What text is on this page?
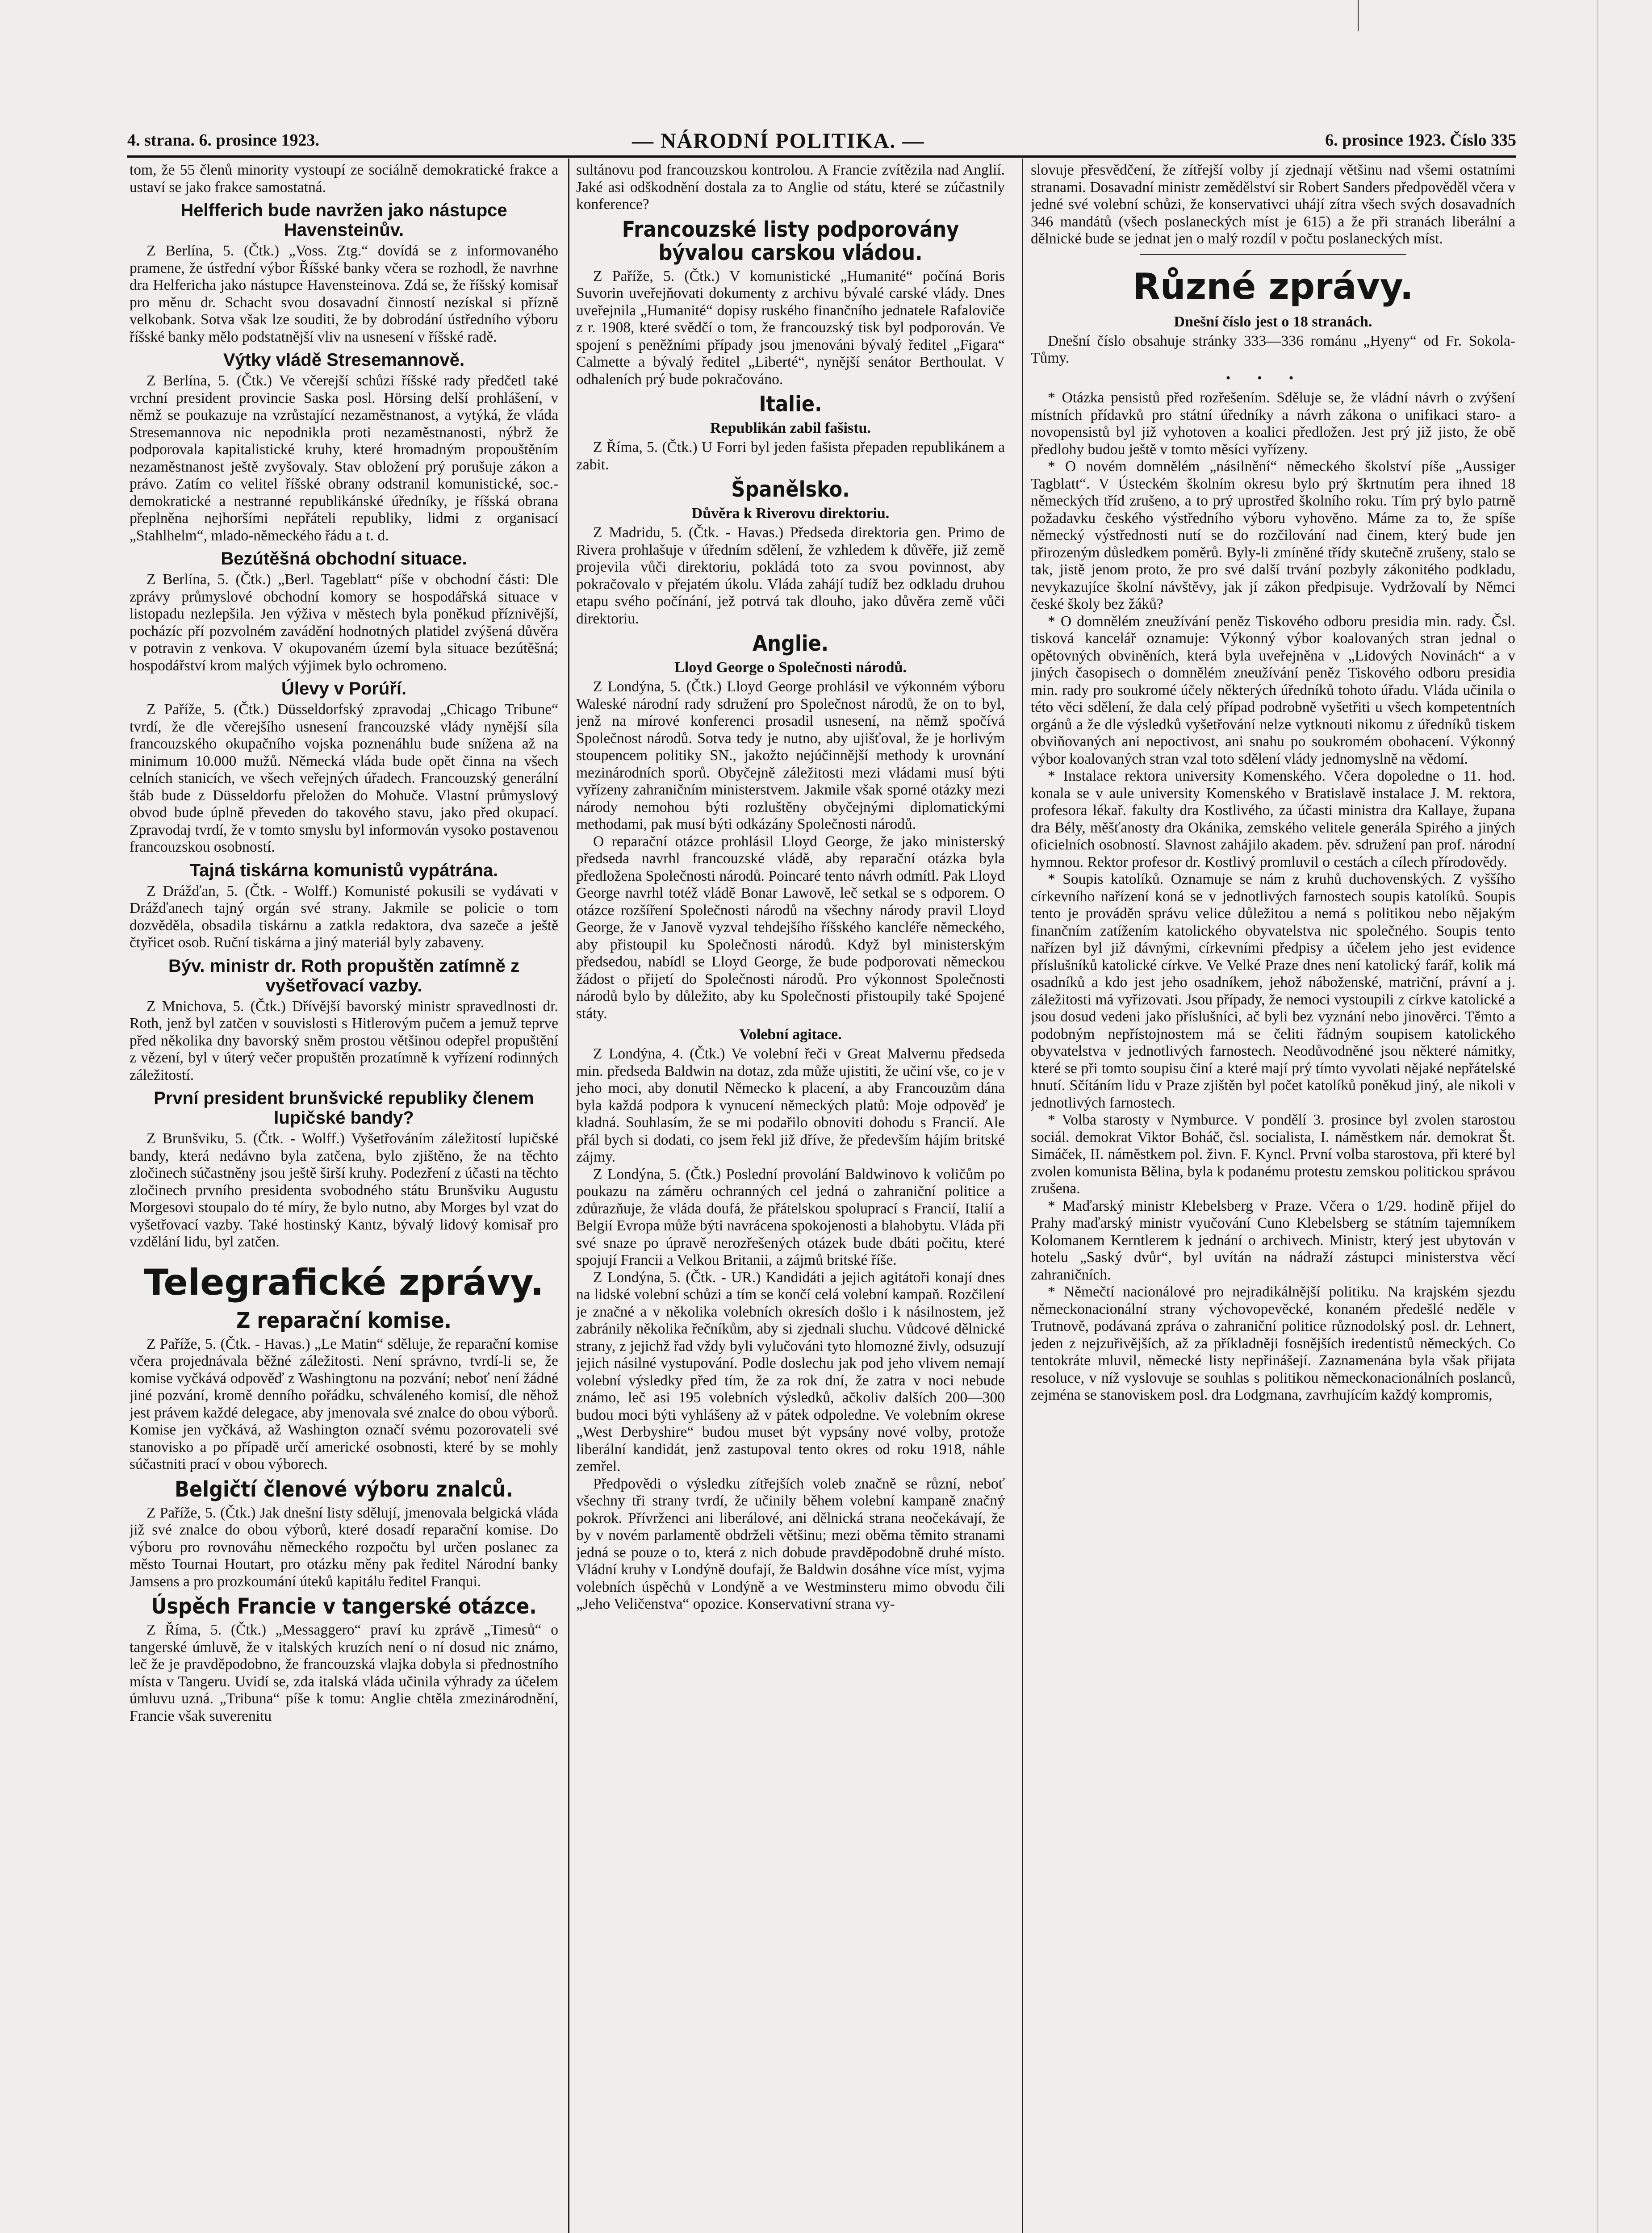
4. strana. 6. prosince 1923.	— NÁRODNÍ POLITIKA. —	6. prosince 1923. Číslo 335

tom, že 55 členů minority vystoupí ze sociálně demokratické frakce a ustaví se jako frakce samostatná.

Helfferich bude navržen jako nástupce Havensteinův.

Z Berlína, 5. (Čtk.) „Voss. Ztg.“ dovídá se z informovaného pramene, že ústřední výbor Říšské banky včera se rozhodl, že navrhne dra Helfericha jako nástupce Havensteinova. Zdá se, že říšský komisař pro měnu dr. Schacht svou dosavadní činností nezískal si přízně velkobank. Sotva však lze souditi, že by dobrodání ústředního výboru říšské banky mělo podstatnější vliv na usnesení v říšské radě.

Výtky vládě Stresemannově.

Z Berlína, 5. (Čtk.) Ve včerejší schůzi říšské rady předčetl také vrchní president provincie Saska posl. Hörsing delší prohlášení, v němž se poukazuje na vzrůstající nezaměstnanost, a vytýká, že vláda Stresemannova nic nepodnikla proti nezaměstnanosti, nýbrž že podporovala kapitalistické kruhy, které hromadným propouštěním nezaměstnanost ještě zvyšovaly. Stav obložení prý porušuje zákon a právo. Zatím co velitel říšské obrany odstranil komunistické, soc.-demokratické a nestranné republikánské úředníky, je říšská obrana přeplněna nejhoršími nepřáteli republiky, lidmi z organisací „Stahlhelm“, mlado-německého řádu a t. d.

Bezútěšná obchodní situace.

Z Berlína, 5. (Čtk.) „Berl. Tageblatt“ píše v obchodní části: Dle zprávy průmyslové obchodní komory se hospodářská situace v listopadu nezlepšila. Jen výživa v městech byla poněkud příznivější, pocházíc pří pozvolném zavádění hodnotných platidel zvýšená důvěra v potravin z venkova. V okupovaném území byla situace bezútěšná; hospodářství krom malých výjimek bylo ochromeno.

Úlevy v Porúří.

Z Paříže, 5. (Čtk.) Düsseldorfský zpravodaj „Chicago Tribune“ tvrdí, že dle včerejšího usnesení francouzské vlády nynější síla francouzského okupačního vojska poznenáhlu bude snížena až na minimum 10.000 mužů. Německá vláda bude opět činna na všech celních stanicích, ve všech veřejných úřadech. Francouzský generální štáb bude z Düsseldorfu přeložen do Mohuče. Vlastní průmyslový obvod bude úplně převeden do takového stavu, jako před okupací. Zpravodaj tvrdí, že v tomto smyslu byl informován vysoko postavenou francouzskou osobností.

Tajná tiskárna komunistů vypátrána.

Z Drážďan, 5. (Čtk. - Wolff.) Komunisté pokusili se vydávati v Drážďanech tajný orgán své strany. Jakmile se policie o tom dozvěděla, obsadila tiskárnu a zatkla redaktora, dva sazeče a ještě čtyřicet osob. Ruční tiskárna a jiný materiál byly zabaveny.

Býv. ministr dr. Roth propuštěn zatímně z vyšetřovací vazby.

Z Mnichova, 5. (Čtk.) Dřívější bavorský ministr spravedlnosti dr. Roth, jenž byl zatčen v souvislosti s Hitlerovým pučem a jemuž teprve před několika dny bavorský sněm prostou většinou odepřel propuštění z vězení, byl v úterý večer propuštěn prozatímně k vyřízení rodinných záležitostí.

První president brunšvické republiky členem lupičské bandy?

Z Brunšviku, 5. (Čtk. - Wolff.) Vyšetřováním záležitostí lupičské bandy, která nedávno byla zatčena, bylo zjištěno, že na těchto zločinech súčastněny jsou ještě širší kruhy. Podezření z účasti na těchto zločinech prvního presidenta svobodného státu Brunšviku Augustu Morgesovi stoupalo do té míry, že bylo nutno, aby Morges byl vzat do vyšetřovací vazby. Také hostinský Kantz, bývalý lidový komisař pro vzdělání lidu, byl zatčen.

Telegrafické zprávy.
Z reparační komise.

Z Paříže, 5. (Čtk. - Havas.) „Le Matin“ sděluje, že reparační komise včera projednávala běžné záležitosti. Není správno, tvrdí-li se, že komise vyčkává odpověď z Washingtonu na pozvání; neboť není žádné jiné pozvání, kromě denního pořádku, schváleného komisí, dle něhož jest právem každé delegace, aby jmenovala své znalce do obou výborů. Komise jen vyčkává, až Washington označí svému pozorovateli své stanovisko a po případě určí americké osobnosti, které by se mohly súčastniti prací v obou výborech.

Belgičtí členové výboru znalců.

Z Paříže, 5. (Čtk.) Jak dnešní listy sdělují, jmenovala belgická vláda již své znalce do obou výborů, které dosadí reparační komise. Do výboru pro rovnováhu německého rozpočtu byl určen poslanec za město Tournai Houtart, pro otázku měny pak ředitel Národní banky Jamsens a pro prozkoumání úteků kapitálu ředitel Franqui.

Úspěch Francie v tangerské otázce.

Z Říma, 5. (Čtk.) „Messaggero“ praví ku zprávě „Timesů“ o tangerské úmluvě, že v italských kruzích není o ní dosud nic známo, leč že je pravděpodobno, že francouzská vlajka dobyla si přednostního místa v Tangeru. Uvidí se, zda italská vláda učinila výhrady za účelem úmluvu uzná. „Tribuna“ píše k tomu: Anglie chtěla zmezinárodnění, Francie však suverenitu

sultánovu pod francouzskou kontrolou. A Francie zvítězila nad Anglií. Jaké asi odškodnění dostala za to Anglie od státu, které se zúčastnily konference?

Francouzské listy podporovány bývalou carskou vládou.

Z Paříže, 5. (Čtk.) V komunistické „Humanité“ počíná Boris Suvorin uveřejňovati dokumenty z archivu bývalé carské vlády. Dnes uveřejnila „Humanité“ dopisy ruského finančního jednatele Rafaloviče z r. 1908, které svědčí o tom, že francouzský tisk byl podporován. Ve spojení s peněžními případy jsou jmenováni bývalý ředitel „Figara“ Calmette a bývalý ředitel „Liberté“, nynější senátor Berthoulat. V odhaleních prý bude pokračováno.

Italie.
Republikán zabil fašistu.

Z Říma, 5. (Čtk.) U Forri byl jeden fašista přepaden republikánem a zabit.

Španělsko.
Důvěra k Riverovu direktoriu.

Z Madridu, 5. (Čtk. - Havas.) Předseda direktoria gen. Primo de Rivera prohlašuje v úředním sdělení, že vzhledem k důvěře, již země projevila vůči direktoriu, pokládá toto za svou povinnost, aby pokračovalo v přejatém úkolu. Vláda zahájí tudíž bez odkladu druhou etapu svého počínání, jež potrvá tak dlouho, jako důvěra země vůči direktoriu.

Anglie.
Lloyd George o Společnosti národů.

Z Londýna, 5. (Čtk.) Lloyd George prohlásil ve výkonném výboru Waleské národní rady sdružení pro Společnost národů, že on to byl, jenž na mírové konferenci prosadil usnesení, na němž spočívá Společnost národů. Sotva tedy je nutno, aby ujišťoval, že je horlivým stoupencem politiky SN., jakožto nejúčinnější methody k urovnání mezinárodních sporů. Obyčejně záležitosti mezi vládami musí býti vyřízeny zahraničním ministerstvem. Jakmile však sporné otázky mezi národy nemohou býti rozluštěny obyčejnými diplomatickými methodami, pak musí býti odkázány Společnosti národů.

O reparační otázce prohlásil Lloyd George, že jako ministerský předseda navrhl francouzské vládě, aby reparační otázka byla předložena Společnosti národů. Poincaré tento návrh odmítl. Pak Lloyd George navrhl totéž vládě Bonar Lawově, leč setkal se s odporem. O otázce rozšíření Společnosti národů na všechny národy pravil Lloyd George, že v Janově vyzval tehdejšího říšského kancléře německého, aby přistoupil ku Společnosti národů. Když byl ministerským předsedou, nabídl se Lloyd George, že bude podporovati německou žádost o přijetí do Společnosti národů. Pro výkonnost Společnosti národů bylo by důležito, aby ku Společnosti přistoupily také Spojené státy.

Volební agitace.

Z Londýna, 4. (Čtk.) Ve volební řeči v Great Malvernu předseda min. předseda Baldwin na dotaz, zda může ujistiti, že učiní vše, co je v jeho moci, aby donutil Německo k placení, a aby Francouzům dána byla každá podpora k vynucení německých platů: Moje odpověď je kladná. Souhlasím, že se mi podařilo obnoviti dohodu s Francií. Ale přál bych si dodati, co jsem řekl již dříve, že především hájím britské zájmy.

Z Londýna, 5. (Čtk.) Poslední provolání Baldwinovo k voličům po poukazu na záměru ochranných cel jedná o zahraniční politice a zdůrazňuje, že vláda doufá, že přátelskou spoluprací s Francií, Italií a Belgií Evropa může býti navrácena spokojenosti a blahobytu. Vláda při své snaze po úpravě nerozřešených otázek bude dbáti počitu, které spojují Francii a Velkou Britanii, a zájmů britské říše.

Z Londýna, 5. (Čtk. - UR.) Kandidáti a jejich agitátoři konají dnes na lidské volební schůzi a tím se končí celá volební kampaň. Rozčilení je značné a v několika volebních okresích došlo i k násilnostem, jež zabránily několika řečníkům, aby si zjednali sluchu. Vůdcové dělnické strany, z jejichž řad vždy byli vylučováni tyto hlomozné živly, odsuzují jejich násilné vystupování. Podle doslechu jak pod jeho vlivem nemají volební výsledky před tím, že za rok dní, že zatra v noci nebude známo, leč asi 195 volebních výsledků, ačkoliv dalších 200—300 budou moci býti vyhlášeny až v pátek odpoledne. Ve volebním okrese „West Derbyshire“ budou muset být vypsány nové volby, protože liberální kandidát, jenž zastupoval tento okres od roku 1918, náhle zemřel.

Předpovědi o výsledku zítřejších voleb značně se různí, neboť všechny tři strany tvrdí, že učinily během volební kampaně značný pokrok. Přívrženci ani liberálové, ani dělnická strana neočekávají, že by v novém parlamentě obdrželi většinu; mezi oběma těmito stranami jedná se pouze o to, která z nich dobude pravděpodobně druhé místo. Vládní kruhy v Londýně doufají, že Baldwin dosáhne více míst, vyjma volebních úspěchů v Londýně a ve Westminsteru mimo obvodu čili „Jeho Veličenstva“ opozice. Konservativní strana vy-

slovuje přesvědčení, že zítřejší volby jí zjednají většinu nad všemi ostatními stranami. Dosavadní ministr zemědělství sir Robert Sanders předpověděl včera v jedné své volební schůzi, že konservativci uhájí zítra všech svých dosavadních 346 mandátů (všech poslaneckých míst je 615) a že při stranách liberální a dělnické bude se jednat jen o malý rozdíl v počtu poslaneckých míst.

Různé zprávy.
Dnešní číslo jest o 18 stranách.

Dnešní číslo obsahuje stránky 333—336 románu „Hyeny“ od Fr. Sokola-Tůmy.

•••

* Otázka pensistů před rozřešením. Sděluje se, že vládní návrh o zvýšení místních přídavků pro státní úředníky a návrh zákona o unifikaci staro- a novopensistů byl již vyhotoven a koalici předložen. Jest prý již jisto, že obě předlohy budou ještě v tomto měsíci vyřízeny.

* O novém domnělém „násilnění“ německého školství píše „Aussiger Tagblatt“. V Ústeckém školním okresu bylo prý škrtnutím pera ihned 18 německých tříd zrušeno, a to prý uprostřed školního roku. Tím prý bylo patrně požadavku českého výstředního výboru vyhověno. Máme za to, že spíše německý výstřednosti nutí se do rozčilování nad činem, který bude jen přirozeným důsledkem poměrů. Byly-li zmíněné třídy skutečně zrušeny, stalo se tak, jistě jenom proto, že pro své další trvání pozbyly zákonitého podkladu, nevykazujíce školní návštěvy, jak jí zákon předpisuje. Vydržovalí by Němci české školy bez žáků?

* O domnělém zneužívání peněz Tiskového odboru presidia min. rady. Čsl. tisková kancelář oznamuje: Výkonný výbor koalovaných stran jednal o opětovných obviněních, která byla uveřejněna v „Lidových Novinách“ a v jiných časopisech o domnělém zneužívání peněz Tiskového odboru presidia min. rady pro soukromé účely některých úředníků tohoto úřadu. Vláda učinila o této věci sdělení, že dala celý případ podrobně vyšetřiti u všech kompetentních orgánů a že dle výsledků vyšetřování nelze vytknouti nikomu z úředníků tiskem obviňovaných ani nepoctivost, ani snahu po soukromém obohacení. Výkonný výbor koalovaných stran vzal toto sdělení vlády jednomyslně na vědomí.

* Instalace rektora university Komenského. Včera dopoledne o 11. hod. konala se v aule university Komenského v Bratislavě instalace J. M. rektora, profesora lékař. fakulty dra Kostlivého, za účasti ministra dra Kallaye, župana dra Bély, měšťanosty dra Okánika, zemského velitele generála Spirého a jiných oficielních osobností. Slavnost zahájilo akadem. pěv. sdružení pan prof. národní hymnou. Rektor profesor dr. Kostlivý promluvil o cestách a cílech přírodovědy.

* Soupis katolíků. Oznamuje se nám z kruhů duchovenských. Z vyššího církevního nařízení koná se v jednotlivých farnostech soupis katolíků. Soupis tento je prováděn správu velice důležitou a nemá s politikou nebo nějakým finančním zatížením katolického obyvatelstva nic společného. Soupis tento nařízen byl již dávnými, církevními předpisy a účelem jeho jest evidence příslušníků katolické církve. Ve Velké Praze dnes není katolický farář, kolik má osadníků a kdo jest jeho osadníkem, jehož náboženské, matriční, právní a j. záležitosti má vyřizovati. Jsou případy, že nemoci vystoupili z církve katolické a jsou dosud vedeni jako příslušníci, ač byli bez vyznání nebo jinověrci. Těmto a podobným nepřístojnostem má se čeliti řádným soupisem katolického obyvatelstva v jednotlivých farnostech. Neodůvodněné jsou některé námitky, které se při tomto soupisu činí a které mají prý tímto vyvolati nějaké nepřátelské hnutí. Sčítáním lidu v Praze zjištěn byl počet katolíků poněkud jiný, ale nikoli v jednotlivých farnostech.

* Volba starosty v Nymburce. V pondělí 3. prosince byl zvolen starostou sociál. demokrat Viktor Boháč, čsl. socialista, I. náměstkem nár. demokrat Št. Simáček, II. náměstkem pol. živn. F. Kyncl. První volba starostova, při které byl zvolen komunista Bělina, byla k podanému protestu zemskou politickou správou zrušena.

* Maďarský ministr Klebelsberg v Praze. Včera o 1/29. hodině přijel do Prahy maďarský ministr vyučování Cuno Klebelsberg se státním tajemníkem Kolomanem Kerntlerem k jednání o archivech. Ministr, který jest ubytován v hotelu „Saský dvůr“, byl uvítán na nádraží zástupci ministerstva věcí zahraničních.

* Němečtí nacionálové pro nejradikálnější politiku. Na krajském sjezdu německonacionální strany výchovopevěcké, konaném předešlé neděle v Trutnově, podávaná zpráva o zahraniční politice různodolský posl. dr. Lehnert, jeden z nejzuřivějších, až za příkladněji fosnějších iredentistů německých. Co tentokráte mluvil, německé listy nepřinášejí. Zaznamenána byla však přijata resoluce, v níž vyslovuje se souhlas s politikou německonacionálních poslanců, zejména se stanoviskem posl. dra Lodgmana, zavrhujícím každý kompromis,
